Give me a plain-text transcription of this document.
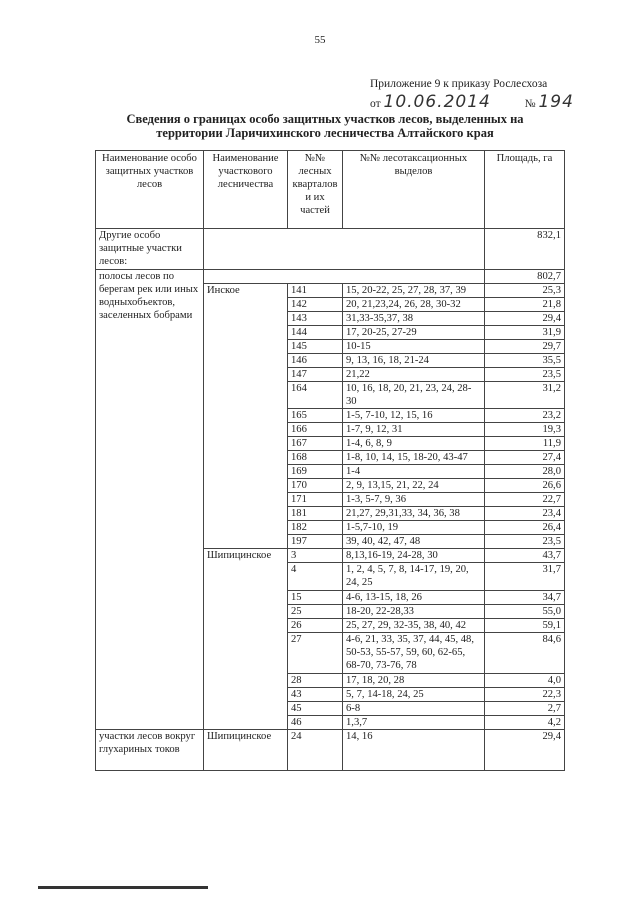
55
Приложение 9 к приказу Рослесхоза
от 10.06.2014	№ 194
Сведения о границах особо защитных участков лесов, выделенных на
территории Ларичихинского лесничества Алтайского края
Наименование особо защитных участков лесов	Наименование участкового лесничества	№№ лесных кварталов и их частей	№№ лесотаксационных выделов	Площадь, га
Другие особо защитные участки лесов:				832,1
полосы лесов по берегам рек или иных водныхобъектов, заселенных бобрами				802,7
	Инское	141	15, 20-22, 25, 27, 28, 37, 39	25,3
		142	20, 21,23,24, 26, 28, 30-32	21,8
		143	31,33-35,37, 38	29,4
		144	17, 20-25, 27-29	31,9
		145	10-15	29,7
		146	9, 13, 16, 18, 21-24	35,5
		147	21,22	23,5
		164	10, 16, 18, 20, 21, 23, 24, 28-30	31,2
		165	1-5, 7-10, 12, 15, 16	23,2
		166	1-7, 9, 12, 31	19,3
		167	1-4, 6, 8, 9	11,9
		168	1-8, 10, 14, 15, 18-20, 43-47	27,4
		169	1-4	28,0
		170	2, 9, 13,15, 21, 22, 24	26,6
		171	1-3, 5-7, 9, 36	22,7
		181	21,27, 29,31,33, 34, 36, 38	23,4
		182	1-5,7-10, 19	26,4
		197	39, 40, 42, 47, 48	23,5
	Шипицинское	3	8,13,16-19, 24-28, 30	43,7
		4	1, 2, 4, 5, 7, 8, 14-17, 19, 20, 24, 25	31,7
		15	4-6, 13-15, 18, 26	34,7
		25	18-20, 22-28,33	55,0
		26	25, 27, 29, 32-35, 38, 40, 42	59,1
		27	4-6, 21, 33, 35, 37, 44, 45, 48, 50-53, 55-57, 59, 60, 62-65, 68-70, 73-76, 78	84,6
		28	17, 18, 20, 28	4,0
		43	5, 7, 14-18, 24, 25	22,3
		45	6-8	2,7
		46	1,3,7	4,2
участки лесов вокруг глухариных токов	Шипицинское	24	14, 16	29,4
